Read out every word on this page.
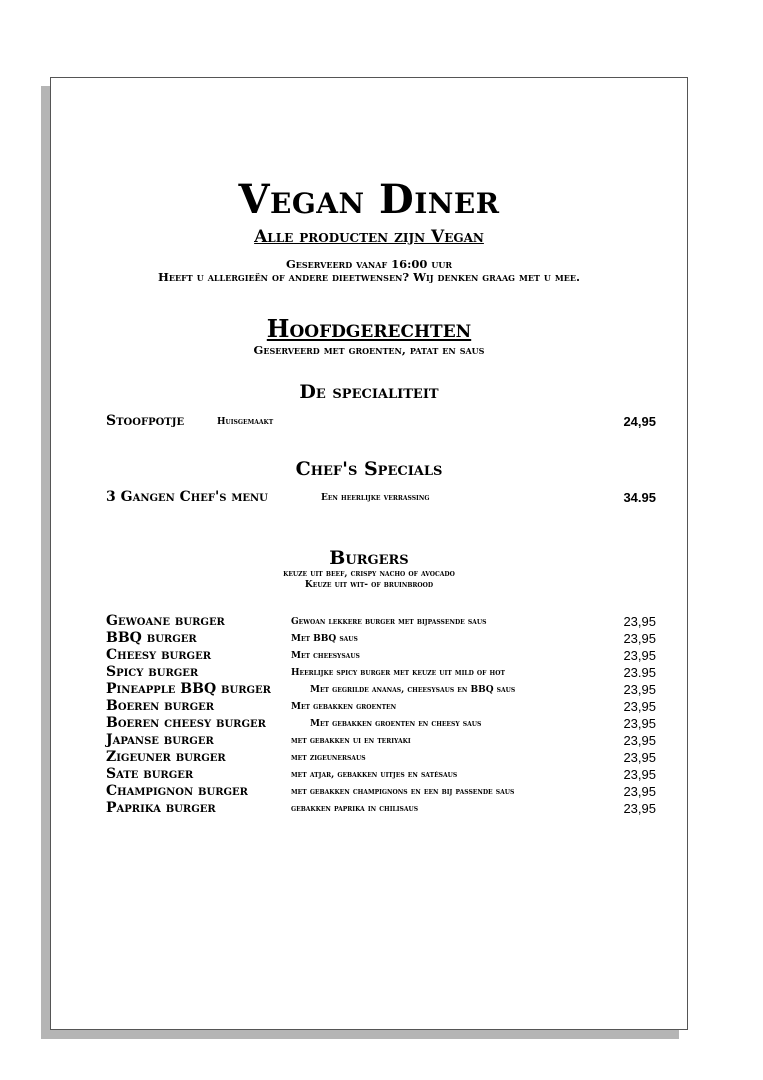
Vegan Diner
Alle producten zijn Vegan
Geserveerd vanaf 16:00 uur
Heeft u allergieën of andere dieetwensen? Wij denken graag met u mee.
Hoofdgerechten
Geserveerd met groenten, patat en saus
De specialiteit
Stoofpotje	Huisgemaakt	24,95
Chef's Specials
3 Gangen Chef's menu	Een heerlijke verrassing	34.95
Burgers
keuze uit beef, crispy nacho of avocado
Keuze uit wit- of bruinbrood
Gewoane burger	Gewoan lekkere burger met bijpassende saus	23,95
BBQ burger	Met BBQ saus	23,95
Cheesy burger	Met cheesysaus	23,95
Spicy burger	Heerlijke spicy burger met keuze uit mild of hot	23.95
Pineapple BBQ burger	Met gegrilde ananas, cheesysaus en BBQ saus	23,95
Boeren burger	Met gebakken groenten	23,95
Boeren cheesy burger	Met gebakken groenten en cheesy saus	23,95
Japanse burger	met gebakken ui en teriyaki	23,95
Zigeuner burger	met zigeunersaus	23,95
Sate burger	met atjar, gebakken uitjes en satésaus	23,95
Champignon burger	met gebakken champignons en een bij passende saus	23,95
Paprika burger	gebakken paprika in chilisaus	23,95
